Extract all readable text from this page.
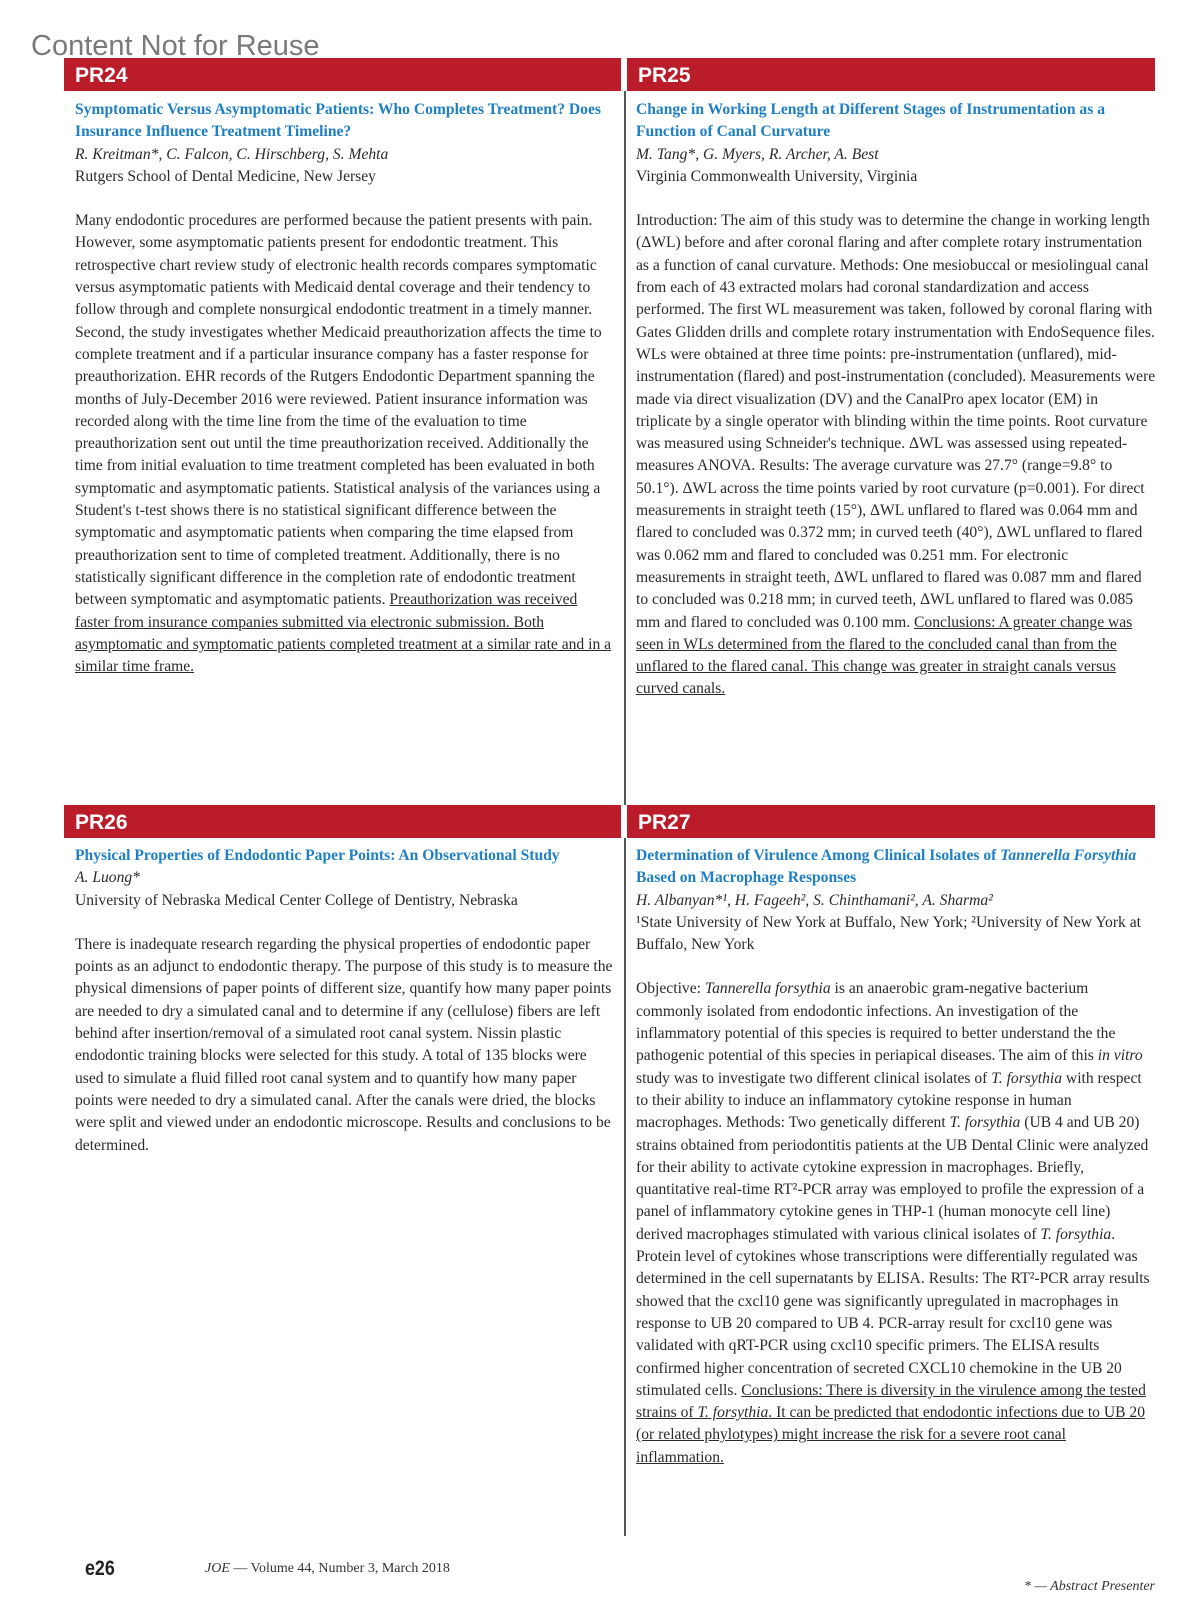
Content Not for Reuse
PR24	PR25
PR26	PR27
Symptomatic Versus Asymptomatic Patients: Who Completes Treatment? Does Insurance Influence Treatment Timeline?
R. Kreitman*, C. Falcon, C. Hirschberg, S. Mehta
Rutgers School of Dental Medicine, New Jersey
Many endodontic procedures are performed because the patient presents with pain. However, some asymptomatic patients present for endodontic treatment. This retrospective chart review study of electronic health records compares symptomatic versus asymptomatic patients with Medicaid dental coverage and their tendency to follow through and complete nonsurgical endodontic treatment in a timely manner. Second, the study investigates whether Medicaid preauthorization affects the time to complete treatment and if a particular insurance company has a faster response for preauthorization. EHR records of the Rutgers Endodontic Department spanning the months of July-December 2016 were reviewed. Patient insurance information was recorded along with the time line from the time of the evaluation to time preauthorization sent out until the time preauthorization received. Additionally the time from initial evaluation to time treatment completed has been evaluated in both symptomatic and asymptomatic patients. Statistical analysis of the variances using a Student's t-test shows there is no statistical significant difference between the symptomatic and asymptomatic patients when comparing the time elapsed from preauthorization sent to time of completed treatment. Additionally, there is no statistically significant difference in the completion rate of endodontic treatment between symptomatic and asymptomatic patients. Preauthorization was received faster from insurance companies submitted via electronic submission. Both asymptomatic and symptomatic patients completed treatment at a similar rate and in a similar time frame.
Change in Working Length at Different Stages of Instrumentation as a Function of Canal Curvature
M. Tang*, G. Myers, R. Archer, A. Best
Virginia Commonwealth University, Virginia
Introduction: The aim of this study was to determine the change in working length (ΔWL) before and after coronal flaring and after complete rotary instrumentation as a function of canal curvature. Methods: One mesiobuccal or mesiolingual canal from each of 43 extracted molars had coronal standardization and access performed. The first WL measurement was taken, followed by coronal flaring with Gates Glidden drills and complete rotary instrumentation with EndoSequence files. WLs were obtained at three time points: pre-instrumentation (unflared), mid-instrumentation (flared) and post-instrumentation (concluded). Measurements were made via direct visualization (DV) and the CanalPro apex locator (EM) in triplicate by a single operator with blinding within the time points. Root curvature was measured using Schneider's technique. ΔWL was assessed using repeated-measures ANOVA. Results: The average curvature was 27.7° (range=9.8° to 50.1°). ΔWL across the time points varied by root curvature (p=0.001). For direct measurements in straight teeth (15°), ΔWL unflared to flared was 0.064 mm and flared to concluded was 0.372 mm; in curved teeth (40°), ΔWL unflared to flared was 0.062 mm and flared to concluded was 0.251 mm. For electronic measurements in straight teeth, ΔWL unflared to flared was 0.087 mm and flared to concluded was 0.218 mm; in curved teeth, ΔWL unflared to flared was 0.085 mm and flared to concluded was 0.100 mm. Conclusions: A greater change was seen in WLs determined from the flared to the concluded canal than from the unflared to the flared canal. This change was greater in straight canals versus curved canals.
Physical Properties of Endodontic Paper Points: An Observational Study
A. Luong*
University of Nebraska Medical Center College of Dentistry, Nebraska
There is inadequate research regarding the physical properties of endodontic paper points as an adjunct to endodontic therapy. The purpose of this study is to measure the physical dimensions of paper points of different size, quantify how many paper points are needed to dry a simulated canal and to determine if any (cellulose) fibers are left behind after insertion/removal of a simulated root canal system. Nissin plastic endodontic training blocks were selected for this study. A total of 135 blocks were used to simulate a fluid filled root canal system and to quantify how many paper points were needed to dry a simulated canal. After the canals were dried, the blocks were split and viewed under an endodontic microscope. Results and conclusions to be determined.
Determination of Virulence Among Clinical Isolates of Tannerella Forsythia Based on Macrophage Responses
H. Albanyan*¹, H. Fageeh², S. Chinthamani², A. Sharma²
¹State University of New York at Buffalo, New York; ²University of New York at Buffalo, New York
Objective: Tannerella forsythia is an anaerobic gram-negative bacterium commonly isolated from endodontic infections. An investigation of the inflammatory potential of this species is required to better understand the the pathogenic potential of this species in periapical diseases. The aim of this in vitro study was to investigate two different clinical isolates of T. forsythia with respect to their ability to induce an inflammatory cytokine response in human macrophages. Methods: Two genetically different T. forsythia (UB 4 and UB 20) strains obtained from periodontitis patients at the UB Dental Clinic were analyzed for their ability to activate cytokine expression in macrophages. Briefly, quantitative real-time RT²-PCR array was employed to profile the expression of a panel of inflammatory cytokine genes in THP-1 (human monocyte cell line) derived macrophages stimulated with various clinical isolates of T. forsythia. Protein level of cytokines whose transcriptions were differentially regulated was determined in the cell supernatants by ELISA. Results: The RT²-PCR array results showed that the cxcl10 gene was significantly upregulated in macrophages in response to UB 20 compared to UB 4. PCR-array result for cxcl10 gene was validated with qRT-PCR using cxcl10 specific primers. The ELISA results confirmed higher concentration of secreted CXCL10 chemokine in the UB 20 stimulated cells. Conclusions: There is diversity in the virulence among the tested strains of T. forsythia. It can be predicted that endodontic infections due to UB 20 (or related phylotypes) might increase the risk for a severe root canal inflammation.
e26	JOE — Volume 44, Number 3, March 2018
* — Abstract Presenter
